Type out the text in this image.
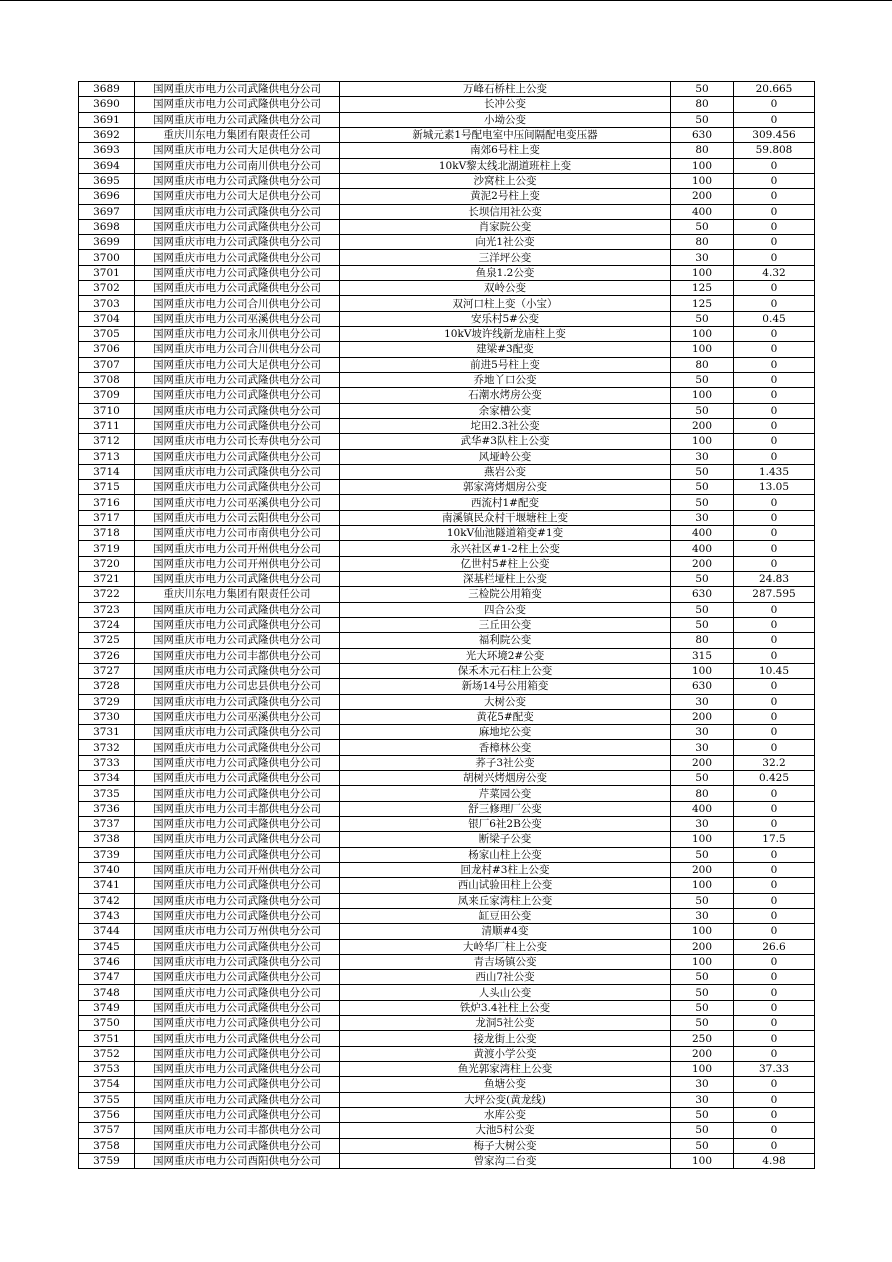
3689	国网重庆市电力公司武隆供电分公司	万峰石桥柱上公变	50	20.665
3690	国网重庆市电力公司武隆供电分公司	长冲公变	80	0
3691	国网重庆市电力公司武隆供电分公司	小坳公变	50	0
3692	重庆川东电力集团有限责任公司	新城元素1号配电室中压间隔配电变压器	630	309.456
3693	国网重庆市电力公司大足供电分公司	南郊6号柱上变	80	59.808
3694	国网重庆市电力公司南川供电分公司	10kV黎太线北湖道班柱上变	100	0
3695	国网重庆市电力公司武隆供电分公司	沙窝柱上公变	100	0
3696	国网重庆市电力公司大足供电分公司	黄泥2号柱上变	200	0
3697	国网重庆市电力公司武隆供电分公司	长坝信用社公变	400	0
3698	国网重庆市电力公司武隆供电分公司	肖家院公变	50	0
3699	国网重庆市电力公司武隆供电分公司	向光1社公变	80	0
3700	国网重庆市电力公司武隆供电分公司	三洋坪公变	30	0
3701	国网重庆市电力公司武隆供电分公司	鱼泉1.2公变	100	4.32
3702	国网重庆市电力公司武隆供电分公司	双岭公变	125	0
3703	国网重庆市电力公司合川供电分公司	双河口柱上变（小宝）	125	0
3704	国网重庆市电力公司巫溪供电分公司	安乐村5#公变	50	0.45
3705	国网重庆市电力公司永川供电分公司	10kV坡许线新龙庙柱上变	100	0
3706	国网重庆市电力公司合川供电分公司	建梁#3配变	100	0
3707	国网重庆市电力公司大足供电分公司	前进5号柱上变	80	0
3708	国网重庆市电力公司武隆供电分公司	乔地丫口公变	50	0
3709	国网重庆市电力公司武隆供电分公司	石潮水烤房公变	100	0
3710	国网重庆市电力公司武隆供电分公司	余家槽公变	50	0
3711	国网重庆市电力公司武隆供电分公司	坨田2.3社公变	200	0
3712	国网重庆市电力公司长寿供电分公司	武华#3队柱上公变	100	0
3713	国网重庆市电力公司武隆供电分公司	风垭岭公变	30	0
3714	国网重庆市电力公司武隆供电分公司	燕岩公变	50	1.435
3715	国网重庆市电力公司武隆供电分公司	郭家湾烤烟房公变	50	13.05
3716	国网重庆市电力公司巫溪供电分公司	西流村1#配变	50	0
3717	国网重庆市电力公司云阳供电分公司	南溪镇民众村干堰塘柱上变	30	0
3718	国网重庆市电力公司市南供电分公司	10kV仙池隧道箱变#1变	400	0
3719	国网重庆市电力公司开州供电分公司	永兴社区#1-2柱上公变	400	0
3720	国网重庆市电力公司开州供电分公司	亿世村5#柱上公变	200	0
3721	国网重庆市电力公司武隆供电分公司	深基栏垭柱上公变	50	24.83
3722	重庆川东电力集团有限责任公司	三检院公用箱变	630	287.595
3723	国网重庆市电力公司武隆供电分公司	四合公变	50	0
3724	国网重庆市电力公司武隆供电分公司	三丘田公变	50	0
3725	国网重庆市电力公司武隆供电分公司	福利院公变	80	0
3726	国网重庆市电力公司丰都供电分公司	光大环境2#公变	315	0
3727	国网重庆市电力公司武隆供电分公司	保禾木元石柱上公变	100	10.45
3728	国网重庆市电力公司忠县供电分公司	新场14号公用箱变	630	0
3729	国网重庆市电力公司武隆供电分公司	大树公变	30	0
3730	国网重庆市电力公司巫溪供电分公司	黄花5#配变	200	0
3731	国网重庆市电力公司武隆供电分公司	麻地坨公变	30	0
3732	国网重庆市电力公司武隆供电分公司	香樟林公变	30	0
3733	国网重庆市电力公司武隆供电分公司	荞子3社公变	200	32.2
3734	国网重庆市电力公司武隆供电分公司	胡树兴烤烟房公变	50	0.425
3735	国网重庆市电力公司武隆供电分公司	芹菜园公变	80	0
3736	国网重庆市电力公司丰都供电分公司	舒三修理厂公变	400	0
3737	国网重庆市电力公司武隆供电分公司	银厂6社2B公变	30	0
3738	国网重庆市电力公司武隆供电分公司	断梁子公变	100	17.5
3739	国网重庆市电力公司武隆供电分公司	杨家山柱上公变	50	0
3740	国网重庆市电力公司开州供电分公司	回龙村#3柱上公变	200	0
3741	国网重庆市电力公司武隆供电分公司	西山试验田柱上公变	100	0
3742	国网重庆市电力公司武隆供电分公司	凤来丘家湾柱上公变	50	0
3743	国网重庆市电力公司武隆供电分公司	缸豆田公变	30	0
3744	国网重庆市电力公司万州供电分公司	清顺#4变	100	0
3745	国网重庆市电力公司武隆供电分公司	大岭华厂柱上公变	200	26.6
3746	国网重庆市电力公司武隆供电分公司	青吉场镇公变	100	0
3747	国网重庆市电力公司武隆供电分公司	西山7社公变	50	0
3748	国网重庆市电力公司武隆供电分公司	人头山公变	50	0
3749	国网重庆市电力公司武隆供电分公司	铁炉3.4社柱上公变	50	0
3750	国网重庆市电力公司武隆供电分公司	龙洞5社公变	50	0
3751	国网重庆市电力公司武隆供电分公司	接龙街上公变	250	0
3752	国网重庆市电力公司武隆供电分公司	黄渡小学公变	200	0
3753	国网重庆市电力公司武隆供电分公司	鱼光郭家湾柱上公变	100	37.33
3754	国网重庆市电力公司武隆供电分公司	鱼塘公变	30	0
3755	国网重庆市电力公司武隆供电分公司	大坪公变(黄龙线)	30	0
3756	国网重庆市电力公司武隆供电分公司	水库公变	50	0
3757	国网重庆市电力公司丰都供电分公司	大池5村公变	50	0
3758	国网重庆市电力公司武隆供电分公司	梅子大树公变	50	0
3759	国网重庆市电力公司酉阳供电分公司	曾家沟二台变	100	4.98
